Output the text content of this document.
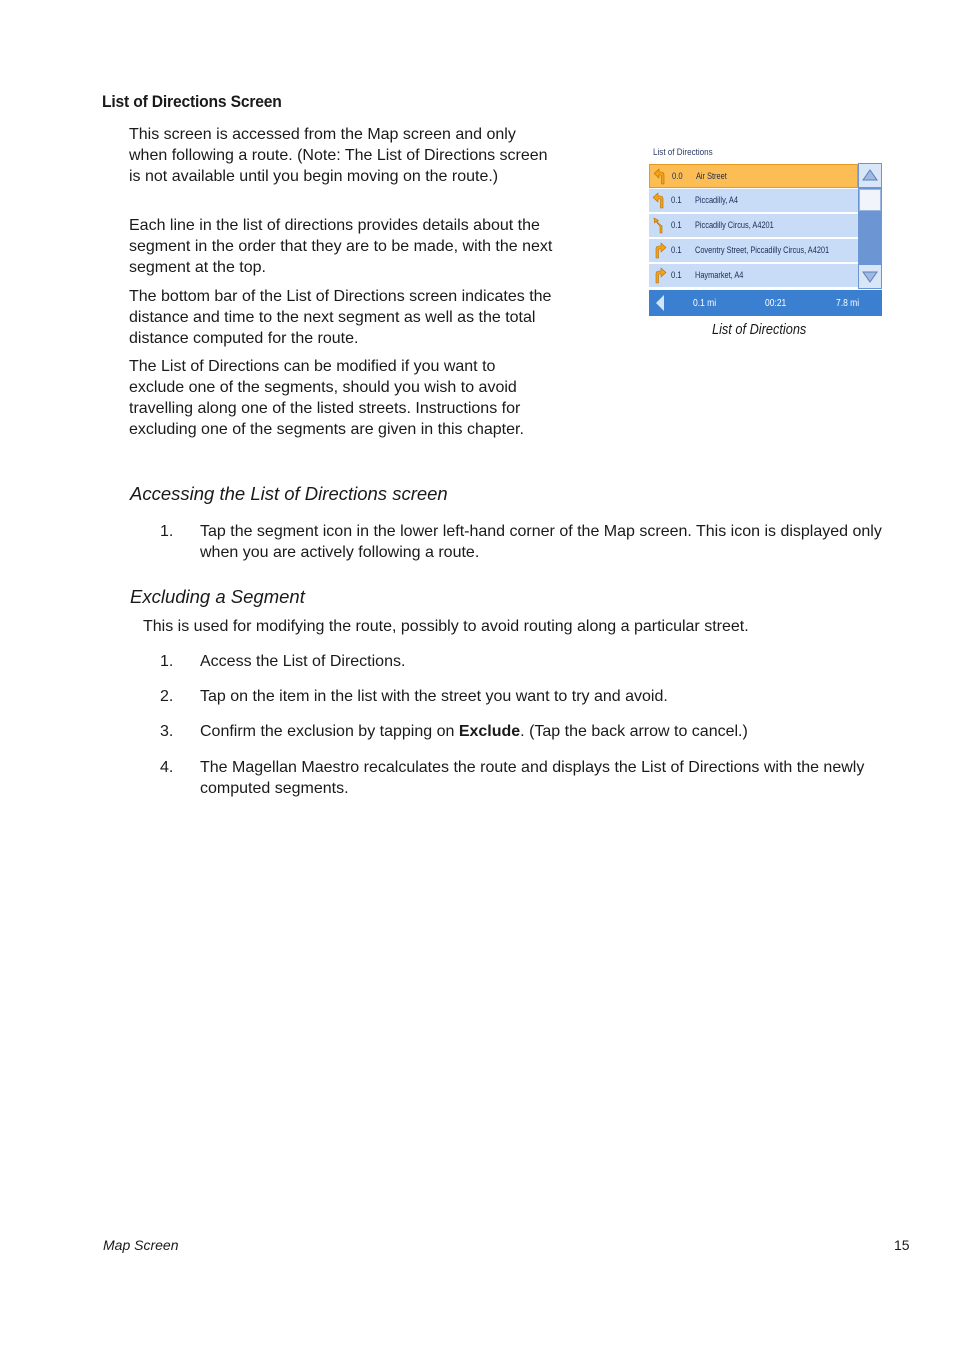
List of Directions Screen

This screen is accessed from the Map screen and only when following a route. (Note: The List of Directions screen is not available until you begin moving on the route.)

Each line in the list of directions provides details about the segment in the order that they are to be made, with the next segment at the top.

The bottom bar of the List of Directions screen indicates the distance and time to the next segment as well as the total distance computed for the route.

The List of Directions can be modified if you want to exclude one of the segments, should you wish to avoid travelling along one of the listed streets. Instructions for excluding one of the segments are given in this chapter.

List of Directions
0.0 Air Street
0.1 Piccadilly, A4
0.1 Piccadilly Circus, A4201
0.1 Coventry Street, Piccadilly Circus, A4201
0.1 Haymarket, A4
0.1 mi	00:21	7.8 mi
List of Directions
Accessing the List of Directions screen
1. Tap the segment icon in the lower left-hand corner of the Map screen. This icon is displayed only when you are actively following a route.
Excluding a Segment
This is used for modifying the route, possibly to avoid routing along a particular street.
1. Access the List of Directions.
2. Tap on the item in the list with the street you want to try and avoid.
3. Confirm the exclusion by tapping on Exclude. (Tap the back arrow to cancel.)
4. The Magellan Maestro recalculates the route and displays the List of Directions with the newly computed segments.
Map Screen	15
